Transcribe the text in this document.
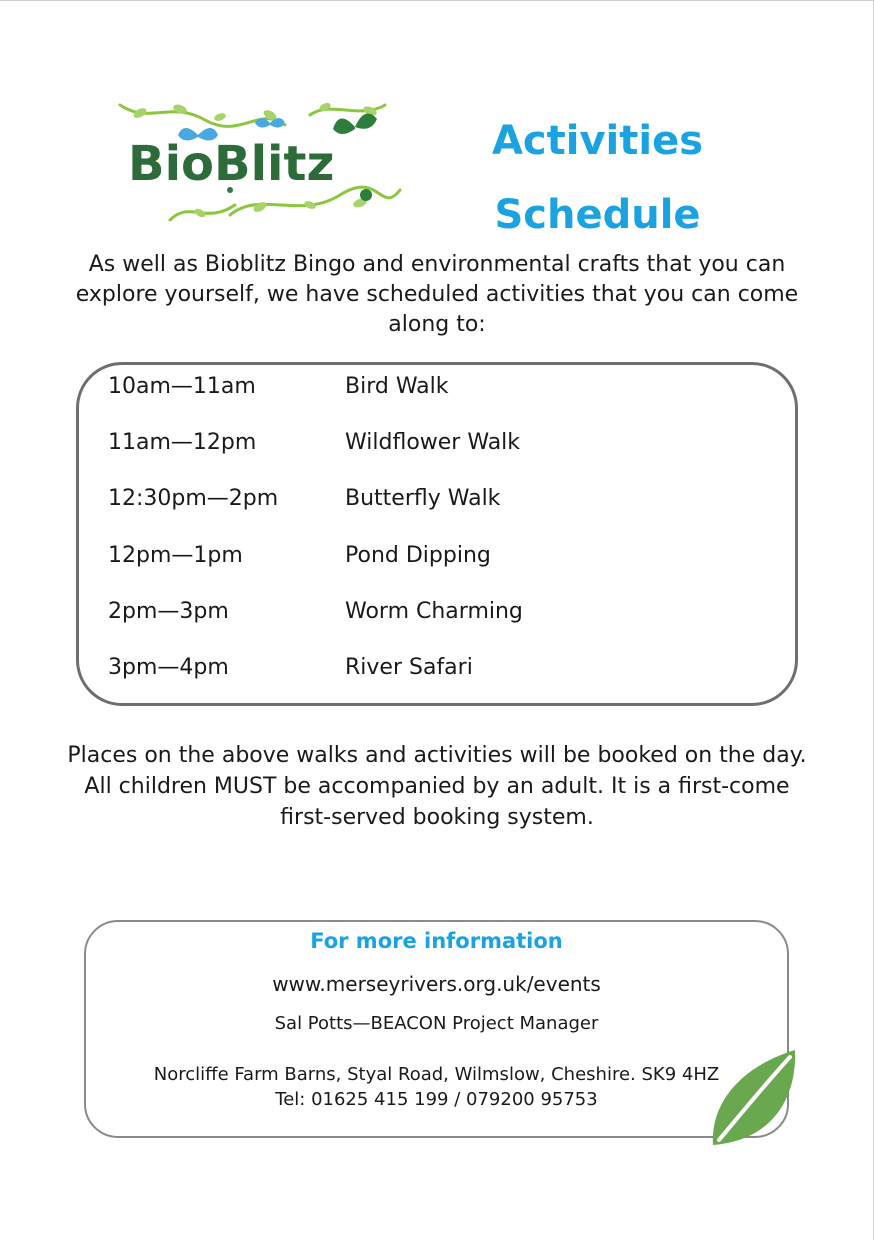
BioBlitz	Activities
Schedule

As well as Bioblitz Bingo and environmental crafts that you can explore yourself, we have scheduled activities that you can come along to:

10am—11am	Bird Walk
11am—12pm	Wildflower Walk
12:30pm—2pm	Butterfly Walk
12pm—1pm	Pond Dipping
2pm—3pm	Worm Charming
3pm—4pm	River Safari

Places on the above walks and activities will be booked on the day. All children MUST be accompanied by an adult. It is a first-come first-served booking system.

For more information

www.merseyrivers.org.uk/events

Sal Potts—BEACON Project Manager

Norcliffe Farm Barns, Styal Road, Wilmslow, Cheshire. SK9 4HZ
Tel: 01625 415 199 / 079200 95753
